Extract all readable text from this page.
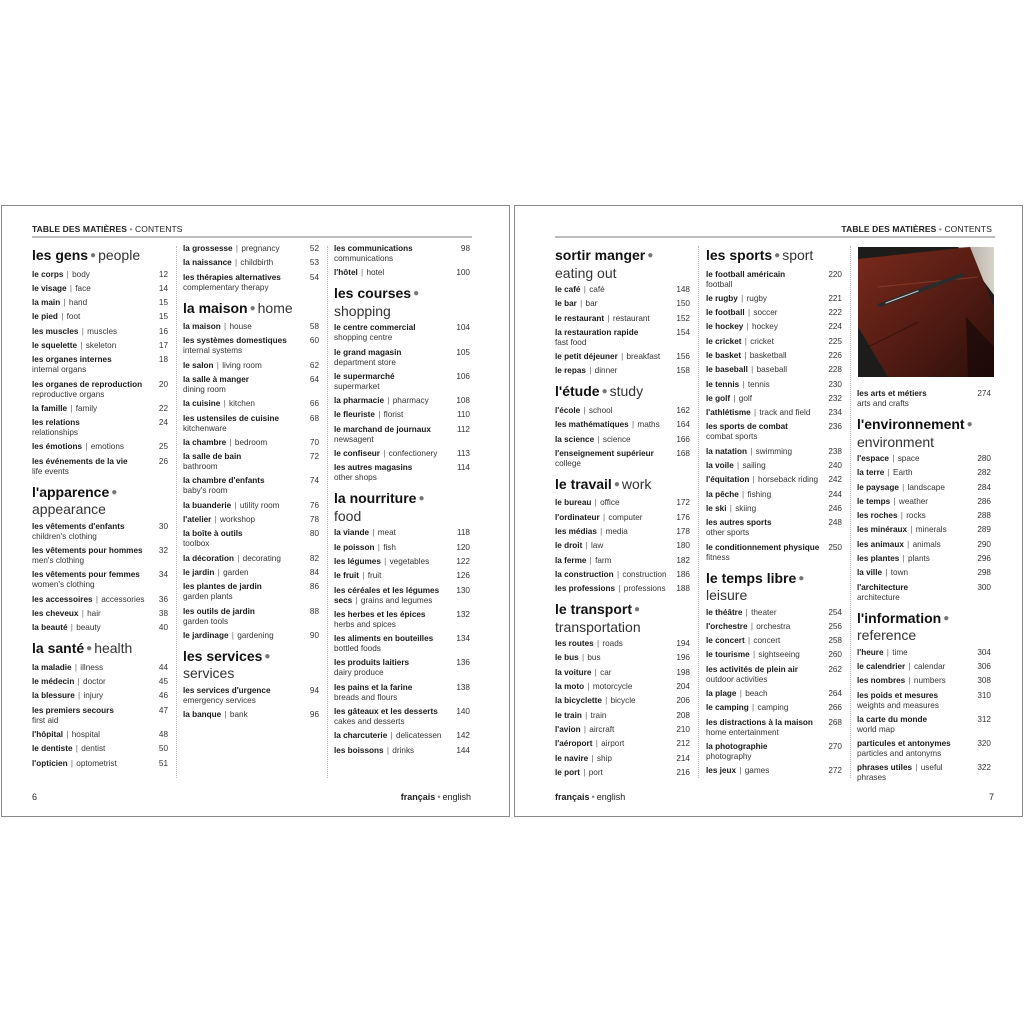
TABLE DES MATIÈRES • CONTENTS
les gens ● people
le corps | body	12
le visage | face	14
la main | hand	15
le pied | foot	15
les muscles | muscles	16
le squelette | skeleton	17
les organes internes
internal organs
18
les organes de reproduction
reproductive organs
20
la famille | family	22
les relations
relationships
24
les émotions | emotions	25
les événements de la vie
life events
26
l'apparence ●
appearance
les vêtements d'enfants
children's clothing
30
les vêtements pour hommes
men's clothing
32
les vêtements pour femmes
women's clothing
34
les accessoires | accessories 36
les cheveux | hair	38
la beauté | beauty	40
la santé ● health
la maladie | illness	44
le médecin | doctor	45
la blessure | injury	46
les premiers secours
first aid
47
l'hôpital | hospital	48
le dentiste | dentist	50
l'opticien | optometrist	51
la grossesse | pregnancy	52
la naissance | childbirth	53
les thérapies alternatives
complementary therapy
54
la maison ● home
la maison | house	58
les systèmes domestiques
internal systems
60
le salon | living room	62
la salle à manger
dining room
64
la cuisine | kitchen	66
les ustensiles de cuisine
kitchenware
68
la chambre | bedroom	70
la salle de bain
bathroom
72
la chambre d'enfants
baby's room
74
la buanderie | utility room	76
l'atelier | workshop	78
la boîte à outils
toolbox
80
la décoration | decorating	82
le jardin | garden	84
les plantes de jardin
garden plants
86
les outils de jardin
garden tools
88
le jardinage | gardening	90
les services ●
services
les services d'urgence
emergency services
94
la banque | bank	96
les communications
communications
98
l'hôtel | hotel	100
les courses ●
shopping
le centre commercial
shopping centre
104
le grand magasin
department store
105
le supermarché
supermarket
106
la pharmacie | pharmacy	108
le fleuriste | florist	110
le marchand de journaux
newsagent
112
le confiseur | confectionery 113
les autres magasins
other shops
114
la nourriture ●
food
la viande | meat	118
le poisson | fish	120
les légumes | vegetables	122
le fruit | fruit	126
les céréales et les légumes secs | grains and legumes
130
les herbes et les épices
herbs and spices
132
les aliments en bouteilles
bottled foods
134
les produits laitiers
dairy produce
136
les pains et la farine
breads and flours
138
les gâteaux et les desserts
cakes and desserts
140
la charcuterie | delicatessen 142
les boissons | drinks	144
6	français • english
TABLE DES MATIÈRES • CONTENTS
sortir manger ●
eating out
le café | café	148
le bar | bar	150
le restaurant | restaurant	152
la restauration rapide
fast food
154
le petit déjeuner | breakfast 156
le repas | dinner	158
l'étude ● study
l'école | school	162
les mathématiques | maths 164
la science | science	166
l'enseignement supérieur
college
168
le travail ● work
le bureau | office	172
l'ordinateur | computer	176
les médias | media	178
le droit | law	180
la ferme | farm	182
la construction | construction 186
les professions | professions 188
le transport ●
transportation
les routes | roads	194
le bus | bus	196
la voiture | car	198
la moto | motorcycle	204
la bicyclette | bicycle	206
le train | train	208
l'avion | aircraft	210
l'aéroport | airport	212
le navire | ship	214
le port | port	216
les sports ● sport
le football américain
football
220
le rugby | rugby	221
le football | soccer	222
le hockey | hockey	224
le cricket | cricket	225
le basket | basketball	226
le baseball | baseball	228
le tennis | tennis	230
le golf | golf	232
l'athlétisme | track and field 234
les sports de combat
combat sports
236
la natation | swimming	238
la voile | sailing	240
l'équitation | horseback riding 242
la pêche | fishing	244
le ski | skiing	246
les autres sports
other sports
248
le conditionnement physique
fitness
250
le temps libre ●
leisure
le théâtre | theater	254
l'orchestre | orchestra	256
le concert | concert	258
le tourisme | sightseeing	260
les activités de plein air
outdoor activities
262
la plage | beach	264
le camping | camping	266
les distractions à la maison
home entertainment
268
la photographie
photography
270
les jeux | games	272
les arts et métiers
arts and crafts
274
l'environnement ●
environment
l'espace | space	280
la terre | Earth	282
le paysage | landscape	284
le temps | weather	286
les roches | rocks	288
les minéraux | minerals	289
les animaux | animals	290
les plantes | plants	296
la ville | town	298
l'architecture
architecture
300
l'information ●
reference
l'heure | time	304
le calendrier | calendar	306
les nombres | numbers	308
les poids et mesures
weights and measures
310
la carte du monde
world map
312
particules et antonymes
particles and antonyms
320
phrases utiles | useful phrases
322
français • english	7
